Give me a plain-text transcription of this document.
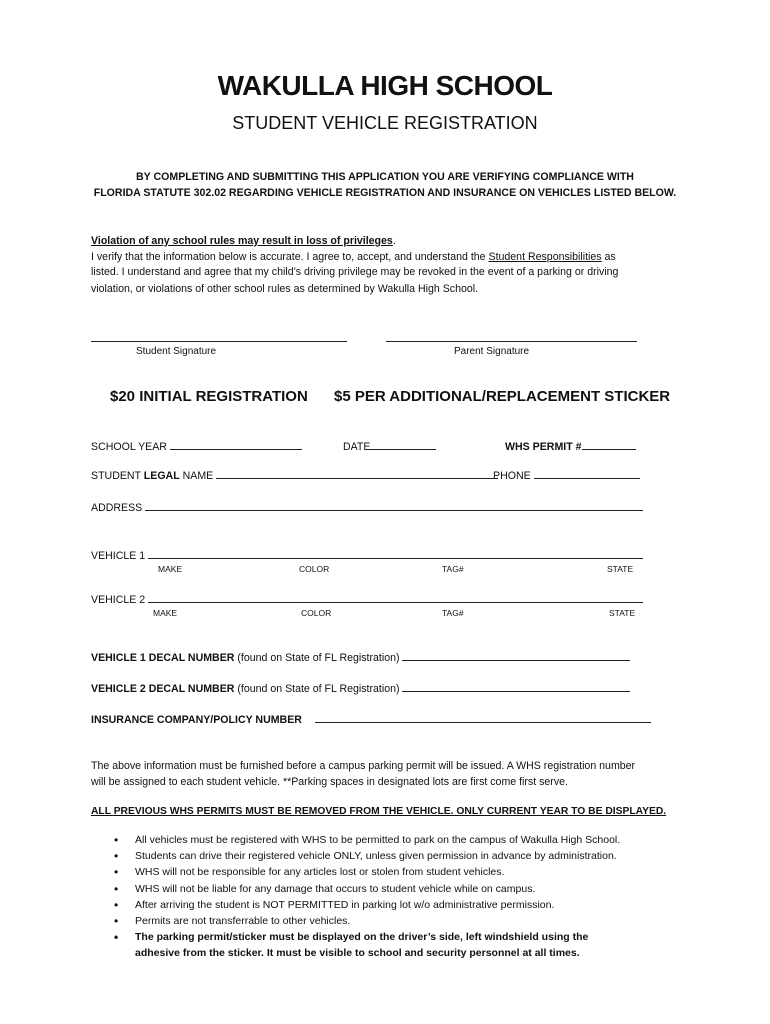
WAKULLA HIGH SCHOOL
STUDENT VEHICLE REGISTRATION
BY COMPLETING AND SUBMITTING THIS APPLICATION YOU ARE VERIFYING COMPLIANCE WITH
FLORIDA STATUTE 302.02 REGARDING VEHICLE REGISTRATION AND INSURANCE ON VEHICLES LISTED BELOW.
Violation of any school rules may result in loss of privileges.
I verify that the information below is accurate. I agree to, accept, and understand the Student Responsibilities as
listed. I understand and agree that my child’s driving privilege may be revoked in the event of a parking or driving
violation, or violations of other school rules as determined by Wakulla High School.
Student Signature	Parent Signature
$20 INITIAL REGISTRATION $5 PER ADDITIONAL/REPLACEMENT STICKER
SCHOOL YEAR	DATE	WHS PERMIT #
STUDENT LEGAL NAME	PHONE
ADDRESS
VEHICLE 1
MAKE	COLOR	TAG#	STATE
VEHICLE 2
MAKE	COLOR	TAG#	STATE
VEHICLE 1 DECAL NUMBER (found on State of FL Registration)
VEHICLE 2 DECAL NUMBER (found on State of FL Registration)
INSURANCE COMPANY/POLICY NUMBER
The above information must be furnished before a campus parking permit will be issued. A WHS registration number
will be assigned to each student vehicle. **Parking spaces in designated lots are first come first serve.
ALL PREVIOUS WHS PERMITS MUST BE REMOVED FROM THE VEHICLE. ONLY CURRENT YEAR TO BE DISPLAYED.
• All vehicles must be registered with WHS to be permitted to park on the campus of Wakulla High School.
• Students can drive their registered vehicle ONLY, unless given permission in advance by administration.
• WHS will not be responsible for any articles lost or stolen from student vehicles.
• WHS will not be liable for any damage that occurs to student vehicle while on campus.
• After arriving the student is NOT PERMITTED in parking lot w/o administrative permission.
• Permits are not transferrable to other vehicles.
• The parking permit/sticker must be displayed on the driver’s side, left windshield using the
adhesive from the sticker. It must be visible to school and security personnel at all times.
